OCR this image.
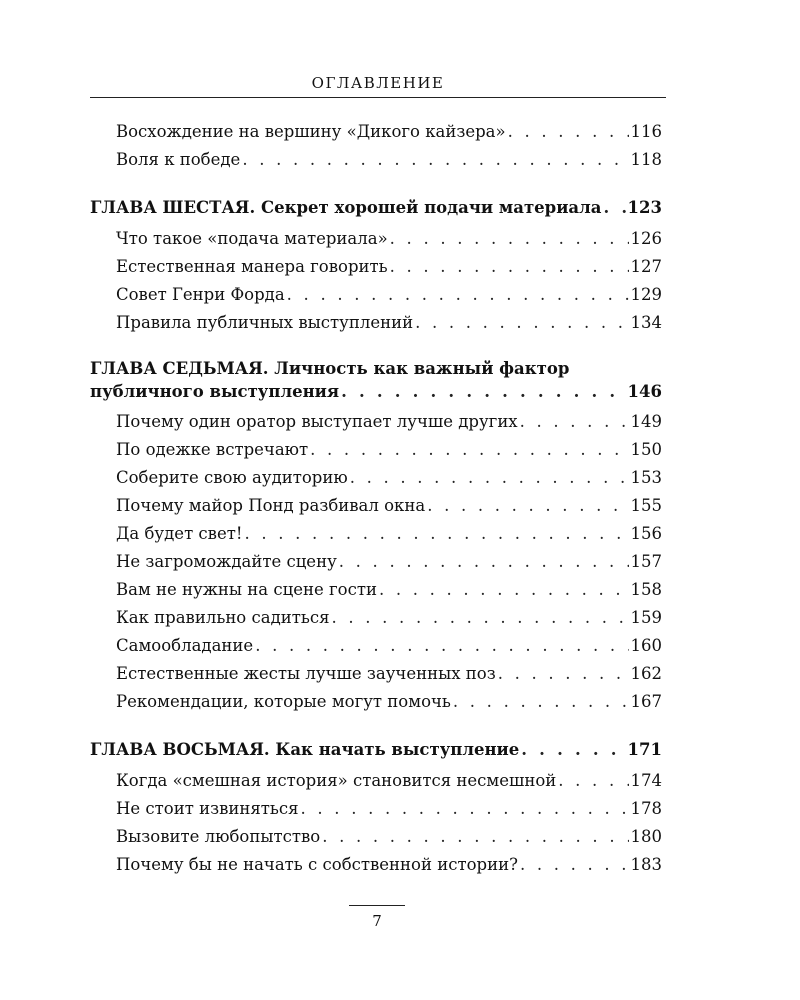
ОГЛАВЛЕНИЕ
Восхождение на вершину «Дикого кайзера» . . .	116
Воля к победе . . .	118
ГЛАВА ШЕСТАЯ. Секрет хорошей подачи материала . . . 123
Что такое «подача материала» . . .	126
Естественная манера говорить . . .	127
Совет Генри Форда . . .	129
Правила публичных выступлений . . .	134
ГЛАВА СЕДЬМАЯ. Личность как важный фактор
публичного выступления . . .	146
Почему один оратор выступает лучше других . . .	149
По одежке встречают . . .	150
Соберите свою аудиторию . . .	153
Почему майор Понд разбивал окна . . .	155
Да будет свет! . . .	156
Не загромождайте сцену . . .	157
Вам не нужны на сцене гости . . .	158
Как правильно садиться . . .	159
Самообладание . . .	160
Естественные жесты лучше заученных поз . . .	162
Рекомендации, которые могут помочь . . .	167
ГЛАВА ВОСЬМАЯ. Как начать выступление . . .	171
Когда «смешная история» становится несмешной . . .	174
Не стоит извиняться . . .	178
Вызовите любопытство . . .	180
Почему бы не начать с собственной истории? . . .	183
7
